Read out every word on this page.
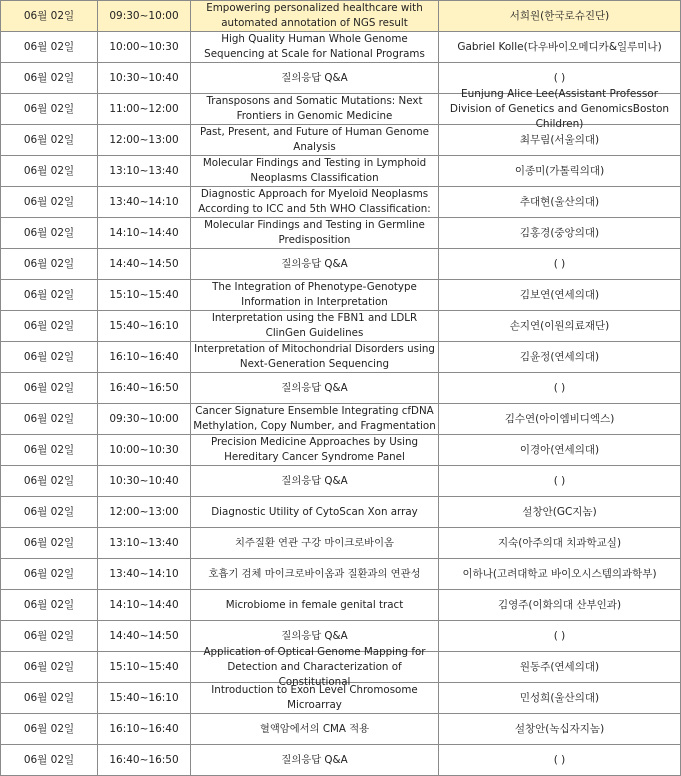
06월 02일	09:30~10:00	Empowering personalized healthcare with automated annotation of NGS result	서희원(한국로슈진단)

06월 02일	10:00~10:30	High Quality Human Whole Genome Sequencing at Scale for National Programs	Gabriel Kolle(다우바이오메디카&일루미나)

06월 02일	10:30~10:40	질의응답 Q&A	( )

06월 02일	11:00~12:00	Transposons and Somatic Mutations: Next Frontiers in Genomic Medicine	Eunjung Alice Lee(Assistant Professor Division of Genetics and GenomicsBoston Children)

06월 02일	12:00~13:00	Past, Present, and Future of Human Genome Analysis	최무림(서울의대)

06월 02일	13:10~13:40	Molecular Findings and Testing in Lymphoid Neoplasms Classification	이종미(가톨릭의대)

06월 02일	13:40~14:10	Diagnostic Approach for Myeloid Neoplasms According to ICC and 5th WHO Classification:	추대현(울산의대)

06월 02일	14:10~14:40	Molecular Findings and Testing in Germline Predisposition	김홍경(중앙의대)

06월 02일	14:40~14:50	질의응답 Q&A	( )

06월 02일	15:10~15:40	The Integration of Phenotype-Genotype Information in Interpretation	김보연(연세의대)

06월 02일	15:40~16:10	Interpretation using the FBN1 and LDLR ClinGen Guidelines	손지연(이원의료재단)

06월 02일	16:10~16:40	Interpretation of Mitochondrial Disorders using Next-Generation Sequencing	김윤정(연세의대)

06월 02일	16:40~16:50	질의응답 Q&A	( )

06월 02일	09:30~10:00	Cancer Signature Ensemble Integrating cfDNA Methylation, Copy Number, and Fragmentation	김수연(아이엠비디엑스)

06월 02일	10:00~10:30	Precision Medicine Approaches by Using Hereditary Cancer Syndrome Panel	이경아(연세의대)

06월 02일	10:30~10:40	질의응답 Q&A	( )

06월 02일	12:00~13:00	Diagnostic Utility of CytoScan Xon array	설창안(GC지놈)

06월 02일	13:10~13:40	치주질환 연관 구강 마이크로바이옴	지숙(아주의대 치과학교실)

06월 02일	13:40~14:10	호흡기 검체 마이크로바이옴과 질환과의 연관성	이하나(고려대학교 바이오시스템의과학부)

06월 02일	14:10~14:40	Microbiome in female genital tract	김영주(이화의대 산부인과)

06월 02일	14:40~14:50	질의응답 Q&A	( )

06월 02일	15:10~15:40	Application of Optical Genome Mapping for Detection and Characterization of Constitutional	원동주(연세의대)

06월 02일	15:40~16:10	Introduction to Exon Level Chromosome Microarray	민성희(울산의대)

06월 02일	16:10~16:40	혈액암에서의 CMA 적용	설창안(녹십자지놈)

06월 02일	16:40~16:50	질의응답 Q&A	( )
